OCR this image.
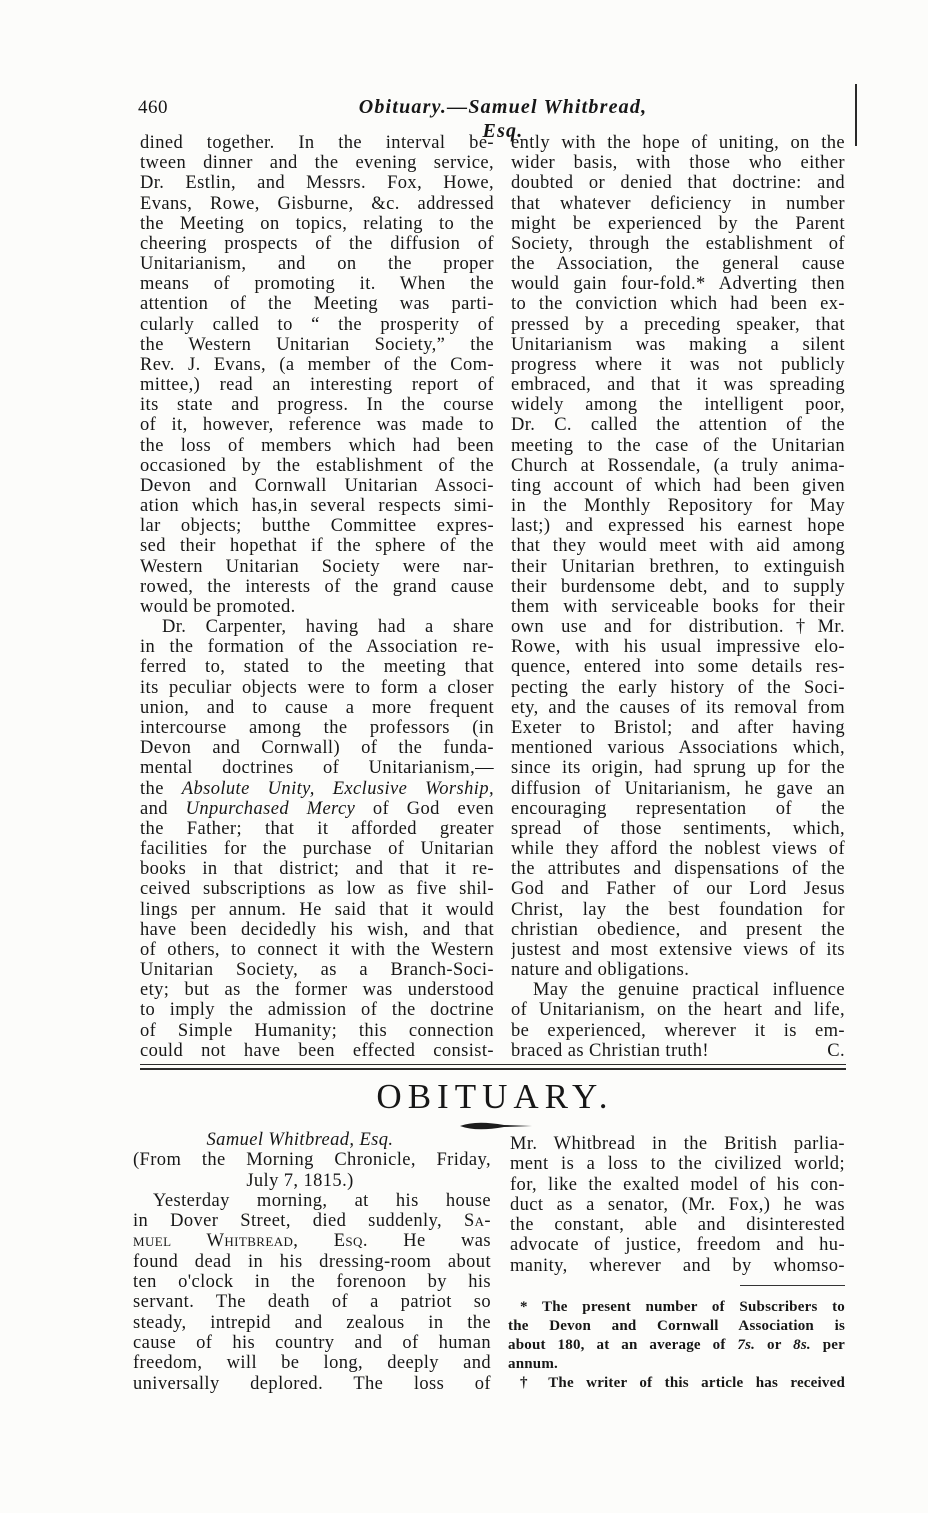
460	Obituary.—Samuel Whitbread, Esq.
dined together. In the interval be-
tween dinner and the evening service,
Dr. Estlin, and Messrs. Fox, Howe,
Evans, Rowe, Gisburne, &c. addressed
the Meeting on topics, relating to the
cheering prospects of the diffusion of
Unitarianism, and on the proper
means of promoting it. When the
attention of the Meeting was parti-
cularly called to “ the prosperity of
the Western Unitarian Society,” the
Rev. J. Evans, (a member of the Com-
mittee,) read an interesting report of
its state and progress. In the course
of it, however, reference was made to
the loss of members which had been
occasioned by the establishment of the
Devon and Cornwall Unitarian Associ-
ation which has,in several respects simi-
lar objects; butthe Committee expres-
sed their hopethat if the sphere of the
Western Unitarian Society were nar-
rowed, the interests of the grand cause
would be promoted.
Dr. Carpenter, having had a share
in the formation of the Association re-
ferred to, stated to the meeting that
its peculiar objects were to form a closer
union, and to cause a more frequent
intercourse among the professors (in
Devon and Cornwall) of the funda-
mental doctrines of Unitarianism,—
the Absolute Unity, Exclusive Worship,
and Unpurchased Mercy of God even
the Father; that it afforded greater
facilities for the purchase of Unitarian
books in that district; and that it re-
ceived subscriptions as low as five shil-
lings per annum. He said that it would
have been decidedly his wish, and that
of others, to connect it with the Western
Unitarian Society, as a Branch-Soci-
ety; but as the former was understood
to imply the admission of the doctrine
of Simple Humanity; this connection
could not have been effected consist-
ently with the hope of uniting, on the
wider basis, with those who either
doubted or denied that doctrine: and
that whatever deficiency in number
might be experienced by the Parent
Society, through the establishment of
the Association, the general cause
would gain four-fold.* Adverting then
to the conviction which had been ex-
pressed by a preceding speaker, that
Unitarianism was making a silent
progress where it was not publicly
embraced, and that it was spreading
widely among the intelligent poor,
Dr. C. called the attention of the
meeting to the case of the Unitarian
Church at Rossendale, (a truly anima-
ting account of which had been given
in the Monthly Repository for May
last;) and expressed his earnest hope
that they would meet with aid among
their Unitarian brethren, to extinguish
their burdensome debt, and to supply
them with serviceable books for their
own use and for distribution.†Mr.
Rowe, with his usual impressive elo-
quence, entered into some details res-
pecting the early history of the Soci-
ety, and the causes of its removal from
Exeter to Bristol; and after having
mentioned various Associations which,
since its origin, had sprung up for the
diffusion of Unitarianism, he gave an
encouraging representation of the
spread of those sentiments, which,
while they afford the noblest views of
the attributes and dispensations of the
God and Father of our Lord Jesus
Christ, lay the best foundation for
christian obedience, and present the
justest and most extensive views of its
nature and obligations.
May the genuine practical influence
of Unitarianism, on the heart and life,
be experienced, wherever it is em-
braced as Christian truth!	C.
OBITUARY.
Samuel Whitbread, Esq.
(From the Morning Chronicle, Friday,
July 7, 1815.)
Yesterday morning, at his house
in Dover Street, died suddenly, Sa-
muel Whitbread, Esq. He was
found dead in his dressing-room about
ten o'clock in the forenoon by his
servant. The death of a patriot so
steady, intrepid and zealous in the
cause of his country and of human
freedom, will be long, deeply and
universally deplored. The loss of
Mr. Whitbread in the British parlia-
ment is a loss to the civilized world;
for, like the exalted model of his con-
duct as a senator, (Mr. Fox,) he was
the constant, able and disinterested
advocate of justice, freedom and hu-
manity, wherever and by whomso-
* The present number of Subscribers to
the Devon and Cornwall Association is
about 180, at an average of 7s. or 8s. per
annum.
† The writer of this article has received
